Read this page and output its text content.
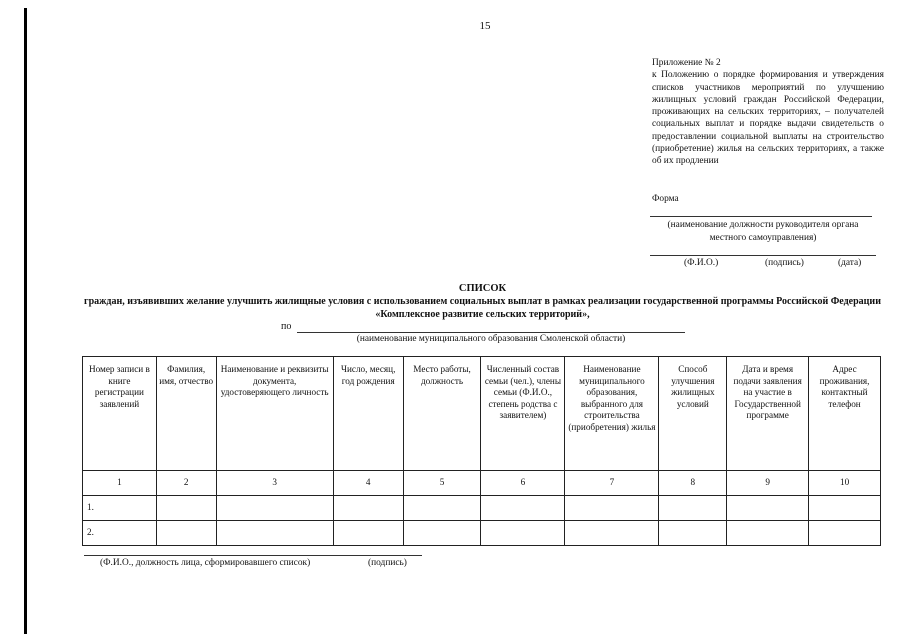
15

Приложение № 2

к Положению о порядке формирования и утверждения списков участников мероприятий по улучшению жилищных условий граждан Российской Федерации, проживающих на сельских территориях, – получателей социальных выплат и порядке выдачи свидетельств о предоставлении социальной выплаты на строительство (приобретение) жилья на сельских территориях, а также об их продлении

Форма
(наименование должности руководителя органа местного самоуправления)
(Ф.И.О.)	(подпись)	(дата)
СПИСОК
граждан, изъявивших желание улучшить жилищные условия с использованием социальных выплат в рамках реализации государственной программы Российской Федерации «Комплексное развитие сельских территорий»,
по
(наименование муниципального образования Смоленской области)
Номер записи в книге регистрации заявлений	Фамилия, имя, отчество	Наименование и реквизиты документа, удостоверяющего личность	Число, месяц, год рождения	Место работы, должность	Численный состав семьи (чел.), члены семьи (Ф.И.О., степень родства с заявителем)	Наименование муниципального образования, выбранного для строительства (приобретения) жилья	Способ улучшения жилищных условий	Дата и время подачи заявления на участие в Государственной программе	Адрес проживания, контактный телефон
1	2	3	4	5	6	7	8	9	10
1.									
2.									
(Ф.И.О., должность лица, сформировавшего список)	(подпись)
